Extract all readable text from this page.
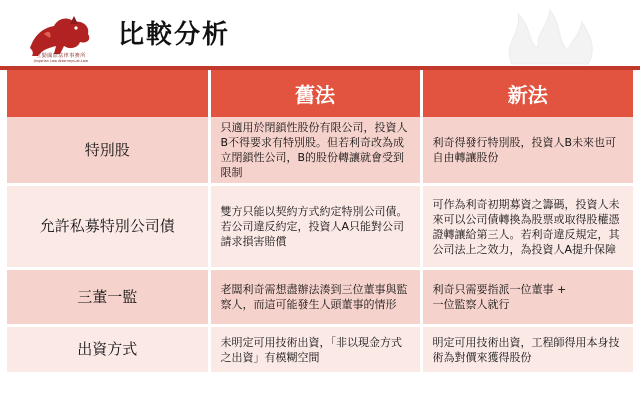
立勤國際法律事務所
Jingshan Law Attorneys-at-Law
比較分析
	舊法	新法
特別股	只適用於閉鎖性股份有限公司，投資人B不得要求有特別股。但若利奇改為成立閉鎖性公司，B的股份轉讓就會受到限制	利奇得發行特別股，投資人B未來也可自由轉讓股份
允許私募特別公司債	雙方只能以契約方式約定特別公司債。若公司違反約定，投資人A只能對公司請求損害賠償	可作為利奇初期募資之籌碼，投資人未來可以公司債轉換為股票或取得股權憑證轉讓給第三人。若利奇違反規定，其公司法上之效力，為投資人A提升保障
三董一監	老闆利奇需想盡辦法湊到三位董事與監察人，而這可能發生人頭董事的情形	利奇只需要指派一位董事 +
一位監察人就行
出資方式	未明定可用技術出資，「非以現金方式之出資」有模糊空間	明定可用技術出資，工程師得用本身技術為對價來獲得股份
